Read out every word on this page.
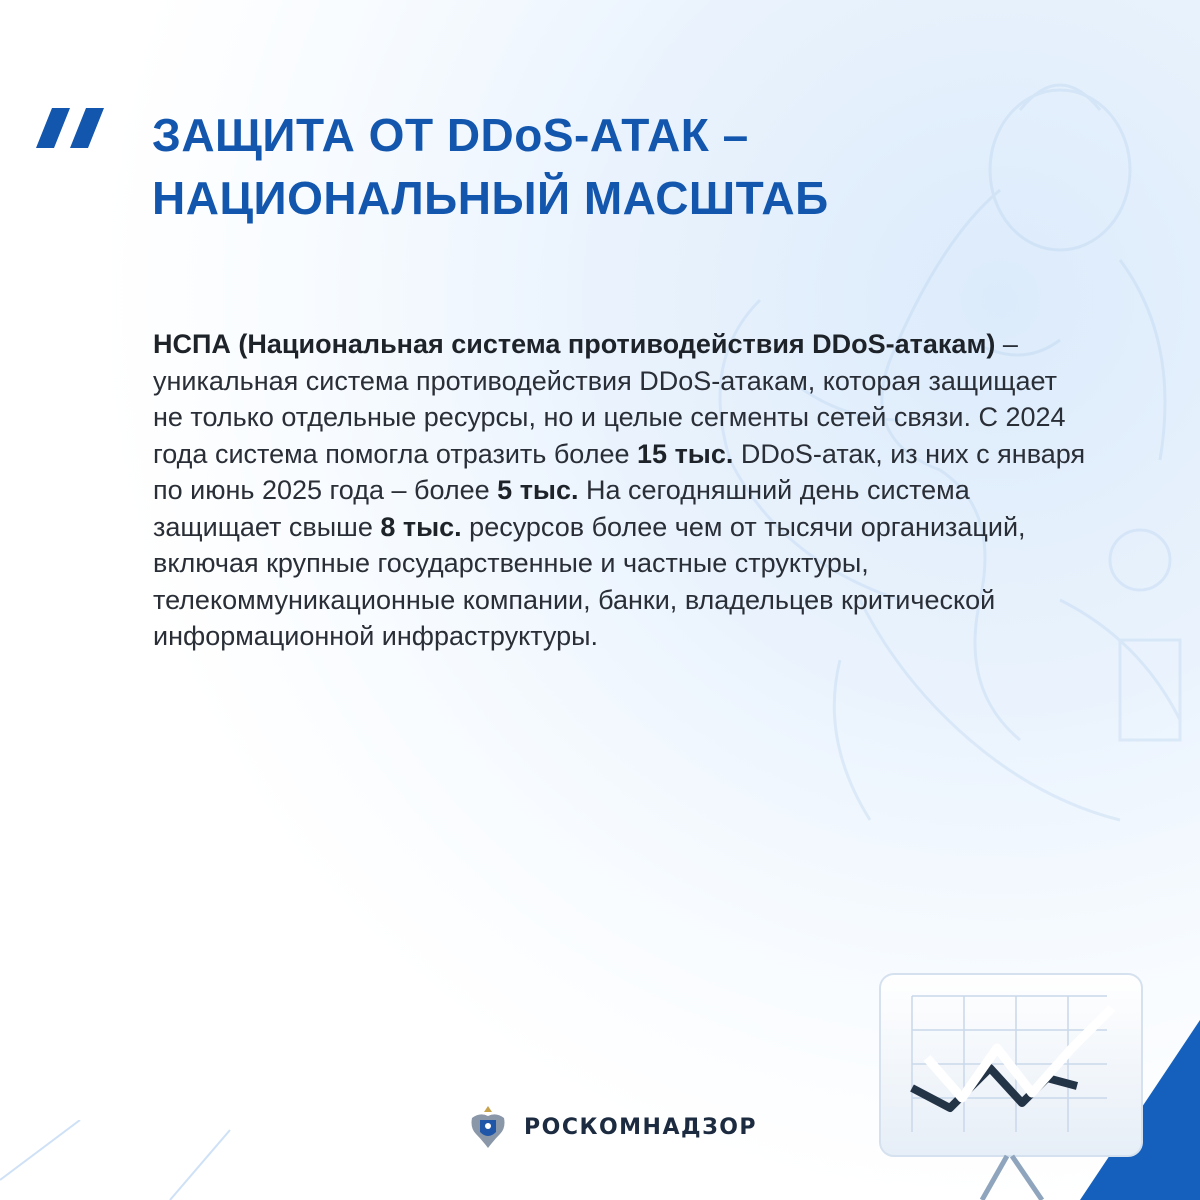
ЗАЩИТА ОТ DDoS-АТАК –
НАЦИОНАЛЬНЫЙ МАСШТАБ

НСПА (Национальная система противодействия DDoS-атакам) – уникальная система противодействия DDoS-атакам, которая защищает не только отдельные ресурсы, но и целые сегменты сетей связи. С 2024 года система помогла отразить более 15 тыс. DDoS-атак, из них с января по июнь 2025 года – более 5 тыс. На сегодняшний день система защищает свыше 8 тыс. ресурсов более чем от тысячи организаций, включая крупные государственные и частные структуры, телекоммуникационные компании, банки, владельцев критической информационной инфраструктуры.

РОСКОМНАДЗОР
